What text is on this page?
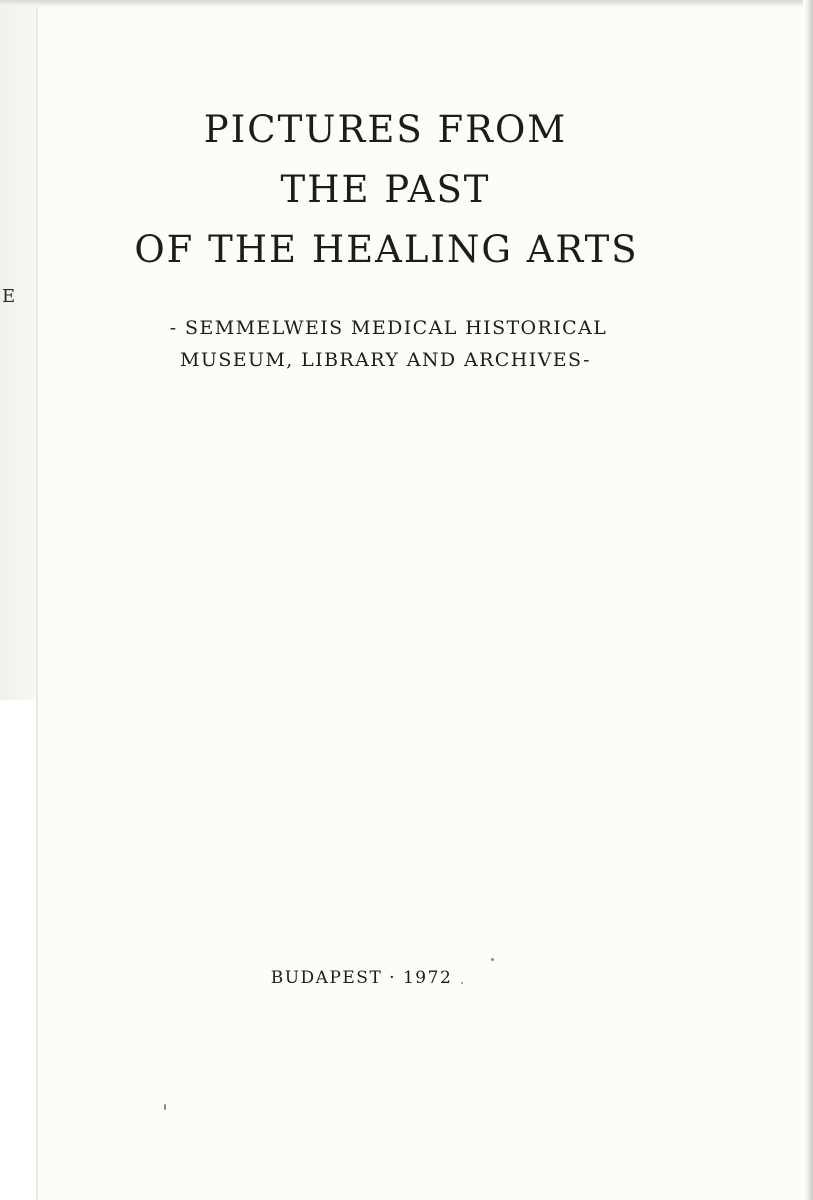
E
PICTURES FROM
THE PAST
OF THE HEALING ARTS
- SEMMELWEIS MEDICAL HISTORICAL
MUSEUM, LIBRARY AND ARCHIVES-
BUDAPEST · 1972
